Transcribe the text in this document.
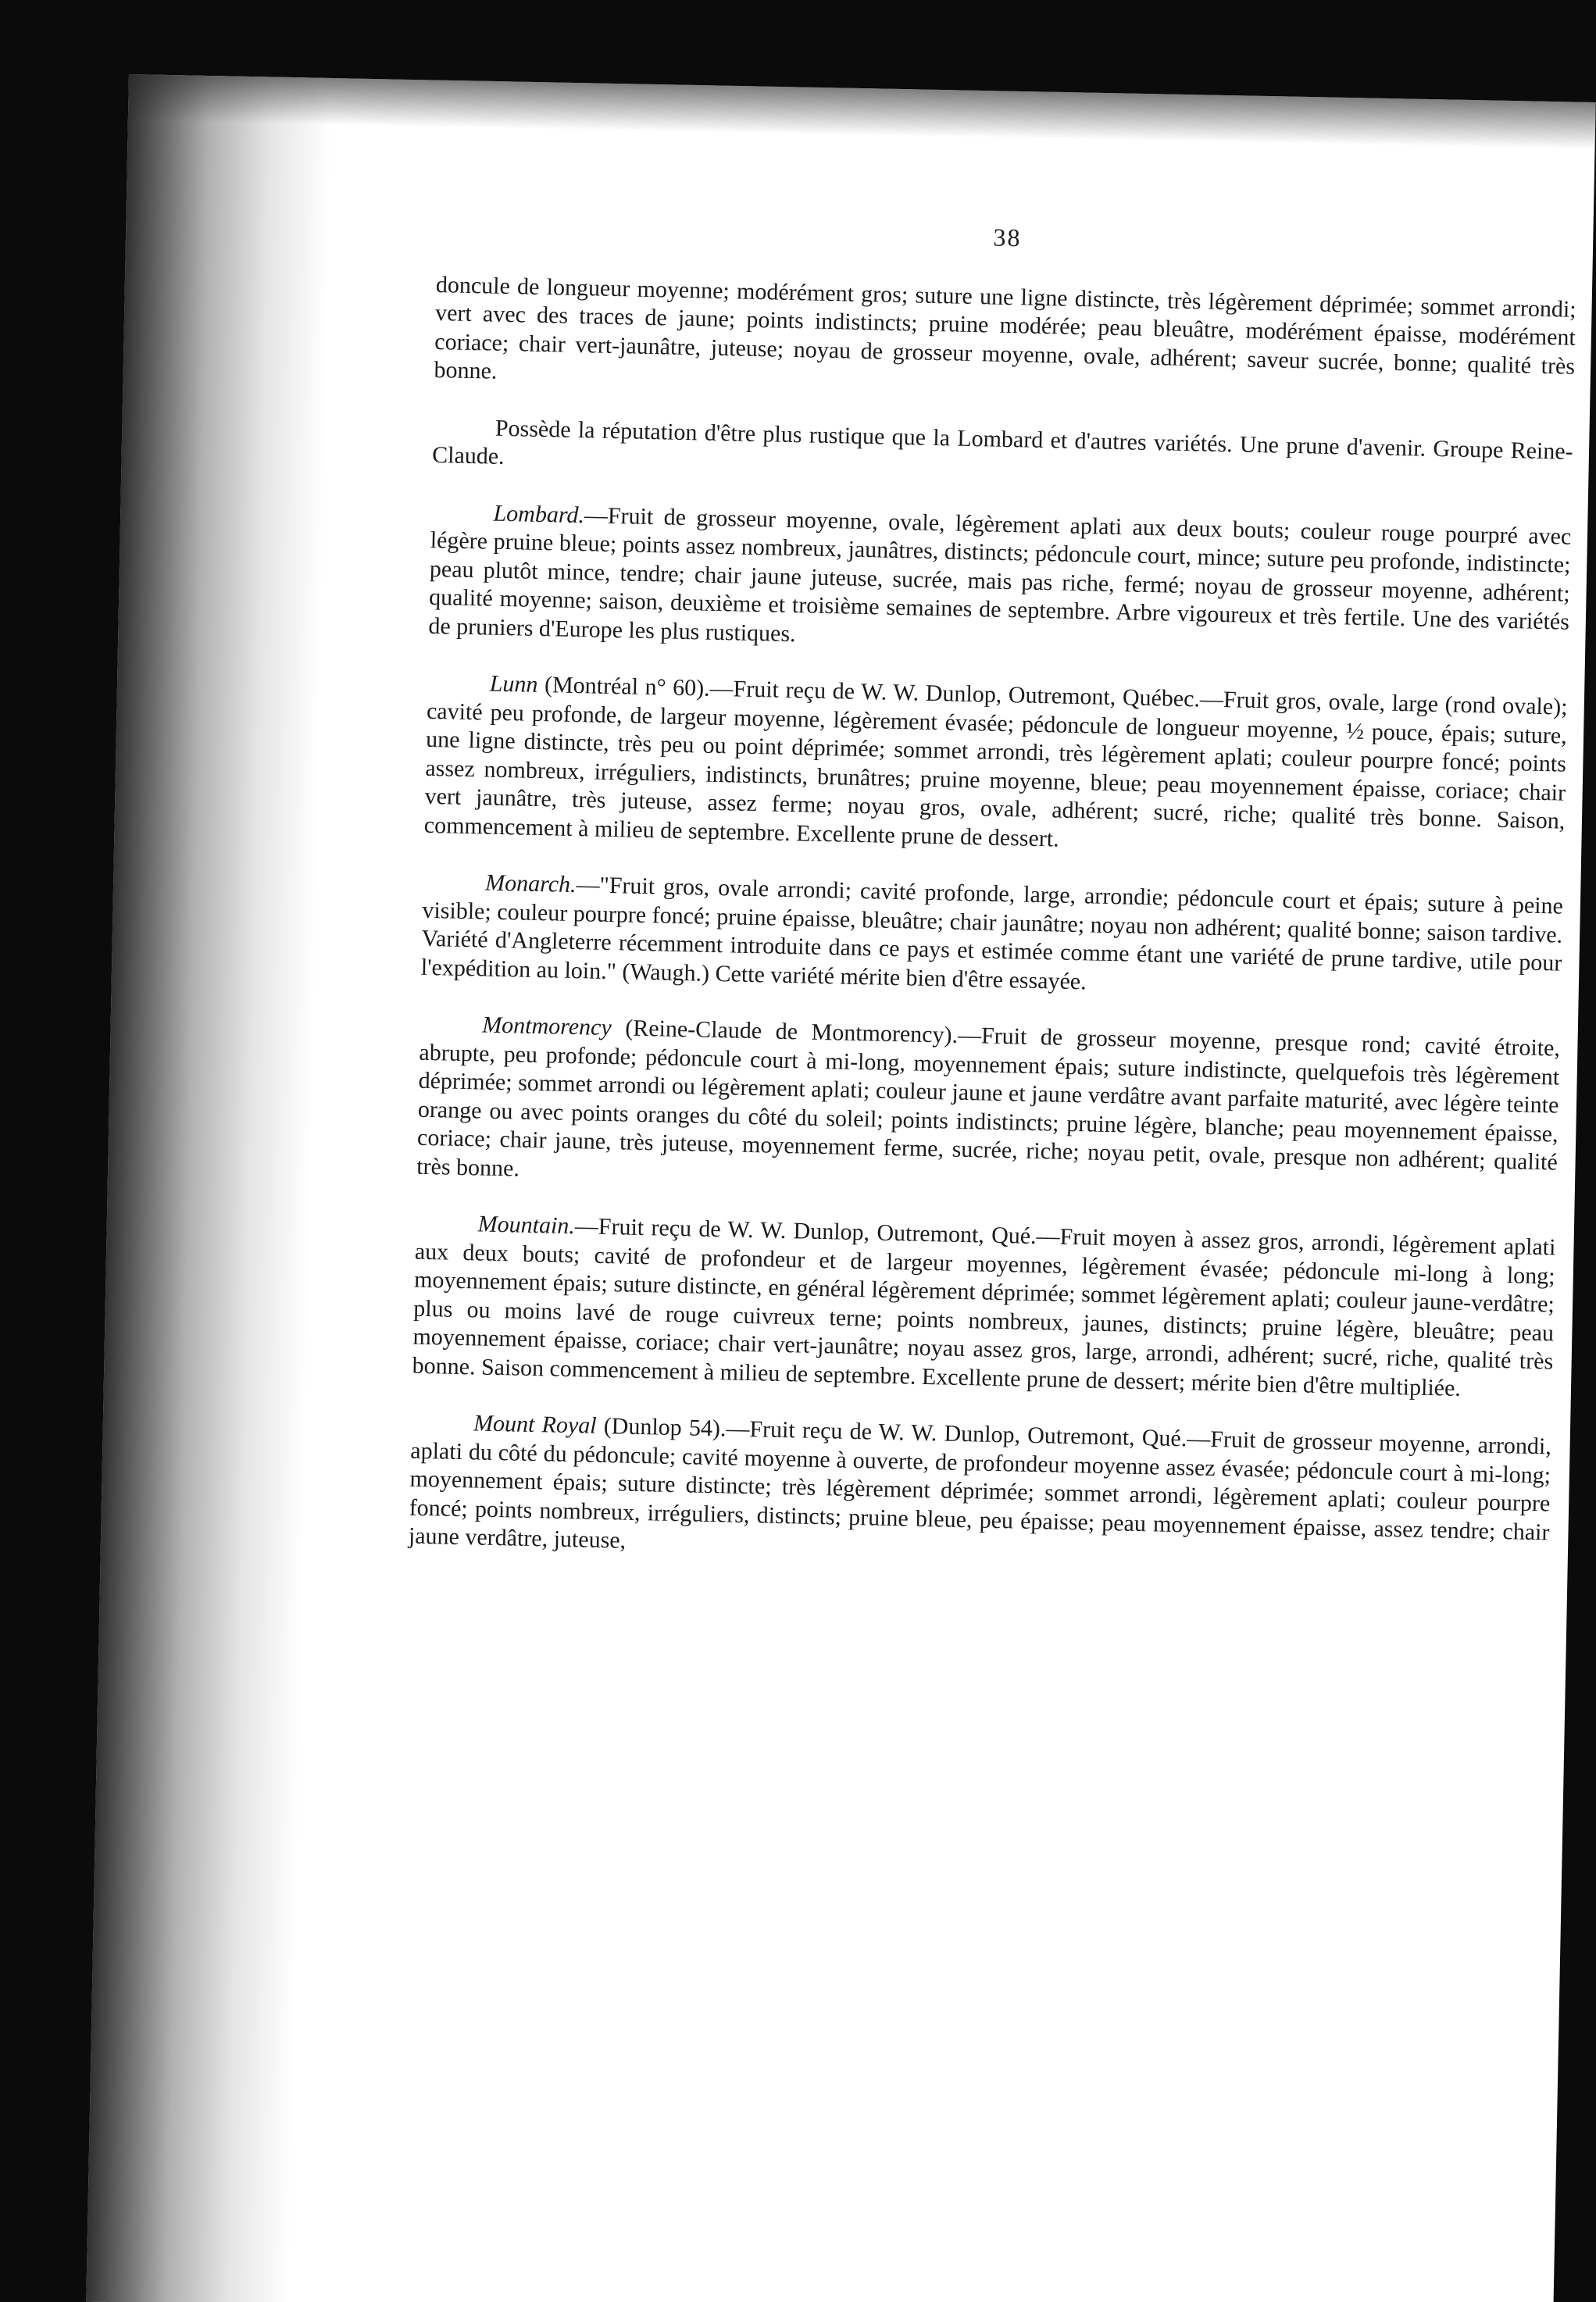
38

doncule de longueur moyenne; modérément gros; suture une ligne distincte, très légèrement déprimée; sommet arrondi; vert avec des traces de jaune; points indistincts; pruine modérée; peau bleuâtre, modérément épaisse, modérément coriace; chair vert-jaunâtre, juteuse; noyau de grosseur moyenne, ovale, adhérent; saveur sucrée, bonne; qualité très bonne.

Possède la réputation d'être plus rustique que la Lombard et d'autres variétés. Une prune d'avenir. Groupe Reine-Claude.

Lombard.—Fruit de grosseur moyenne, ovale, légèrement aplati aux deux bouts; couleur rouge pourpré avec légère pruine bleue; points assez nombreux, jaunâtres, distincts; pédoncule court, mince; suture peu profonde, indistincte; peau plutôt mince, tendre; chair jaune juteuse, sucrée, mais pas riche, fermé; noyau de grosseur moyenne, adhérent; qualité moyenne; saison, deuxième et troisième semaines de septembre. Arbre vigoureux et très fertile. Une des variétés de pruniers d'Europe les plus rustiques.

Lunn (Montréal n° 60).—Fruit reçu de W. W. Dunlop, Outremont, Québec.—Fruit gros, ovale, large (rond ovale); cavité peu profonde, de largeur moyenne, légèrement évasée; pédoncule de longueur moyenne, ½ pouce, épais; suture, une ligne distincte, très peu ou point déprimée; sommet arrondi, très légèrement aplati; couleur pourpre foncé; points assez nombreux, irréguliers, indistincts, brunâtres; pruine moyenne, bleue; peau moyennement épaisse, coriace; chair vert jaunâtre, très juteuse, assez ferme; noyau gros, ovale, adhérent; sucré, riche; qualité très bonne. Saison, commencement à milieu de septembre. Excellente prune de dessert.

Monarch.—"Fruit gros, ovale arrondi; cavité profonde, large, arrondie; pédoncule court et épais; suture à peine visible; couleur pourpre foncé; pruine épaisse, bleuâtre; chair jaunâtre; noyau non adhérent; qualité bonne; saison tardive. Variété d'Angleterre récemment introduite dans ce pays et estimée comme étant une variété de prune tardive, utile pour l'expédition au loin." (Waugh.) Cette variété mérite bien d'être essayée.

Montmorency (Reine-Claude de Montmorency).—Fruit de grosseur moyenne, presque rond; cavité étroite, abrupte, peu profonde; pédoncule court à mi-long, moyennement épais; suture indistincte, quelquefois très légèrement déprimée; sommet arrondi ou légèrement aplati; couleur jaune et jaune verdâtre avant parfaite maturité, avec légère teinte orange ou avec points oranges du côté du soleil; points indistincts; pruine légère, blanche; peau moyennement épaisse, coriace; chair jaune, très juteuse, moyennement ferme, sucrée, riche; noyau petit, ovale, presque non adhérent; qualité très bonne.

Mountain.—Fruit reçu de W. W. Dunlop, Outremont, Qué.—Fruit moyen à assez gros, arrondi, légèrement aplati aux deux bouts; cavité de profondeur et de largeur moyennes, légèrement évasée; pédoncule mi-long à long; moyennement épais; suture distincte, en général légèrement déprimée; sommet légèrement aplati; couleur jaune-verdâtre; plus ou moins lavé de rouge cuivreux terne; points nombreux, jaunes, distincts; pruine légère, bleuâtre; peau moyennement épaisse, coriace; chair vert-jaunâtre; noyau assez gros, large, arrondi, adhérent; sucré, riche, qualité très bonne. Saison commencement à milieu de septembre. Excellente prune de dessert; mérite bien d'être multipliée.

Mount Royal (Dunlop 54).—Fruit reçu de W. W. Dunlop, Outremont, Qué.—Fruit de grosseur moyenne, arrondi, aplati du côté du pédoncule; cavité moyenne à ouverte, de profondeur moyenne assez évasée; pédoncule court à mi-long; moyennement épais; suture distincte; très légèrement déprimée; sommet arrondi, légèrement aplati; couleur pourpre foncé; points nombreux, irréguliers, distincts; pruine bleue, peu épaisse; peau moyennement épaisse, assez tendre; chair jaune verdâtre, juteuse,
